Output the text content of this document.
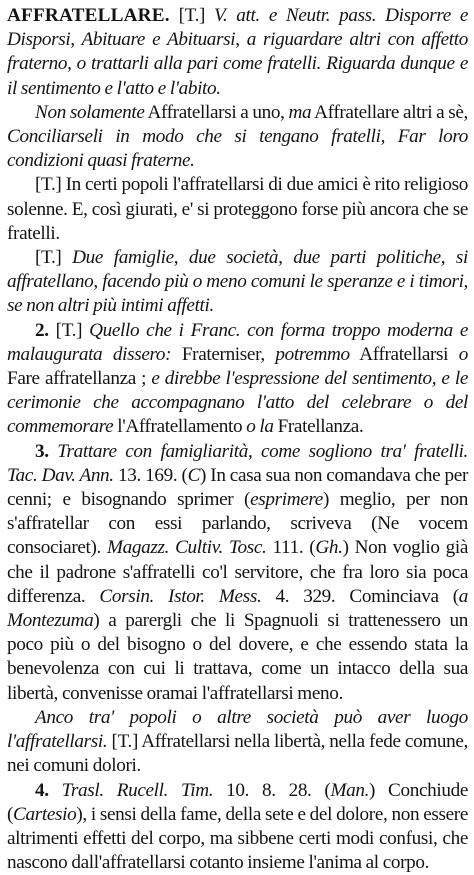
AFFRATELLARE. [T.] V. att. e Neutr. pass. Disporre e Disporsi, Abituare e Abituarsi, a riguardare altri con affetto fraterno, o trattarli alla pari come fratelli. Riguarda dunque e il sentimento e l'atto e l'abito.

Non solamente Affratellarsi a uno, ma Affratellare altri a sè, Conciliarseli in modo che si tengano fratelli, Far loro condizioni quasi fraterne.

[T.] In certi popoli l'affratellarsi di due amici è rito religioso solenne. E, così giurati, e' si proteggono forse più ancora che se fratelli.

[T.] Due famiglie, due società, due parti politiche, si affratellano, facendo più o meno comuni le speranze e i timori, se non altri più intimi affetti.

2. [T.] Quello che i Franc. con forma troppo moderna e malaugurata dissero: Fraterniser, potremmo Affratellarsi o Fare affratellanza ; e direbbe l'espressione del sentimento, e le cerimonie che accompagnano l'atto del celebrare o del commemorare l'Affratellamento o la Fratellanza.

3. Trattare con famigliarità, come sogliono tra' fratelli. Tac. Dav. Ann. 13. 169. (C) In casa sua non comandava che per cenni; e bisognando sprimer (esprimere) meglio, per non s'affratellar con essi parlando, scriveva (Ne vocem consociaret). Magazz. Cultiv. Tosc. 111. (Gh.) Non voglio già che il padrone s'affratelli co'l servitore, che fra loro sia poca differenza. Corsin. Istor. Mess. 4. 329. Cominciava (a Montezuma) a parergli che li Spagnuoli si trattenessero un poco più o del bisogno o del dovere, e che essendo stata la benevolenza con cui li trattava, come un intacco della sua libertà, convenisse oramai l'affratellarsi meno.

Anco tra' popoli o altre società può aver luogo l'affratellarsi. [T.] Affratellarsi nella libertà, nella fede comune, nei comuni dolori.

4. Trasl. Rucell. Tim. 10. 8. 28. (Man.) Conchiude (Cartesio), i sensi della fame, della sete e del dolore, non essere altrimenti effetti del corpo, ma sibbene certi modi confusi, che nascono dall'affratellarsi cotanto insieme l'anima al corpo.
